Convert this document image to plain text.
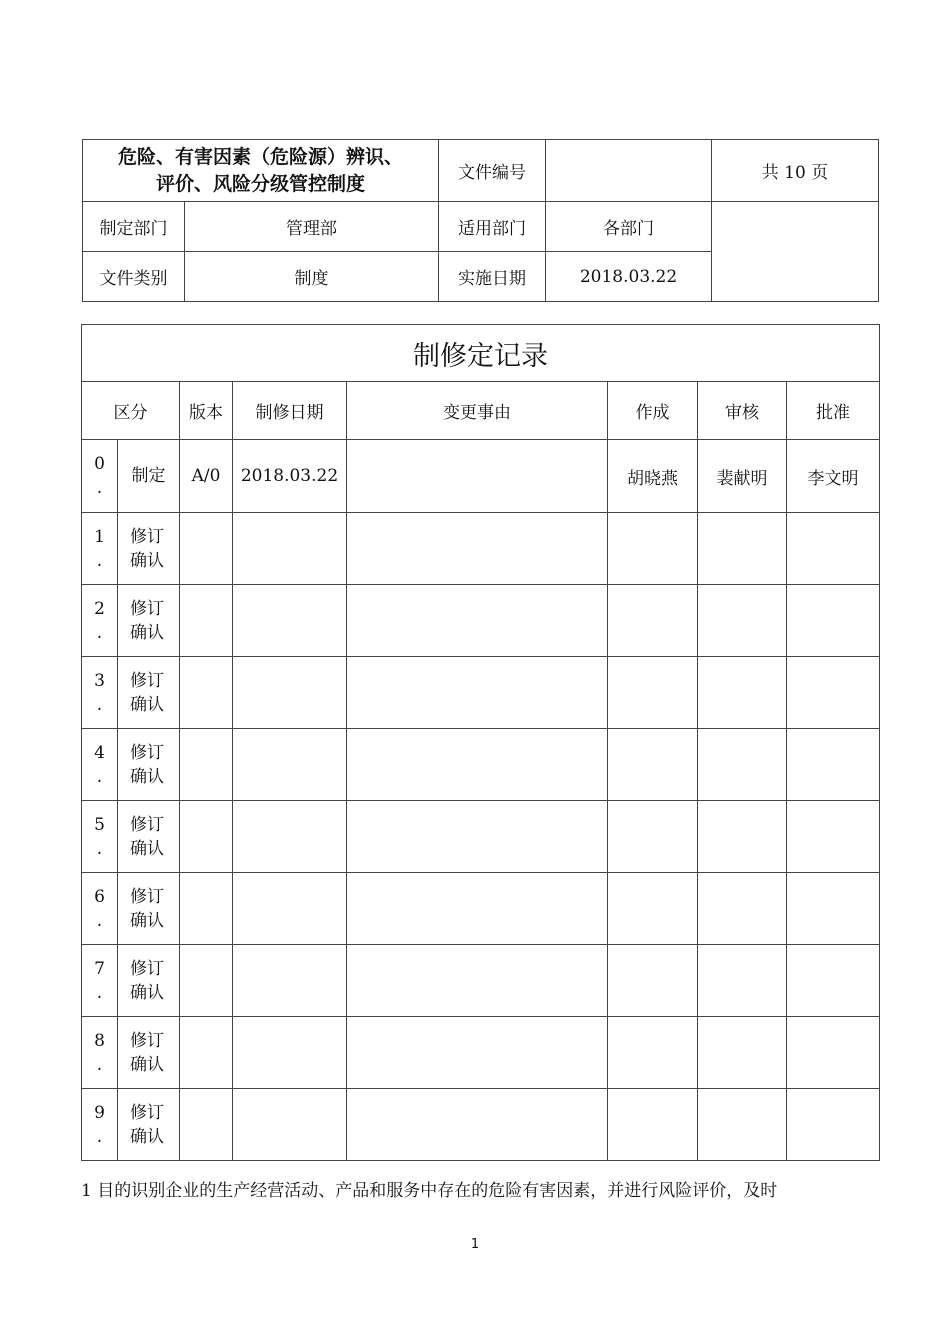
危险、有害因素（危险源）辨识、
评价、风险分级管控制度		文件编号		共 10 页
制定部门	管理部	适用部门	各部门	
文件类别	制度	实施日期	2018.03.22	
制修定记录							
区分		版本	制修日期	变更事由	作成	审核	批准

0
.	制定	A/0	2018.03.22		胡晓燕	裴献明	李文明

1
.	修订确认						

2
.	修订确认						

3
.	修订确认						

4
.	修订确认						

5
.	修订确认						

6
.	修订确认						

7
.	修订确认						

8
.	修订确认						

9
.	修订确认						
1 目的识别企业的生产经营活动、产品和服务中存在的危险有害因素，并进行风险评价，及时
1
